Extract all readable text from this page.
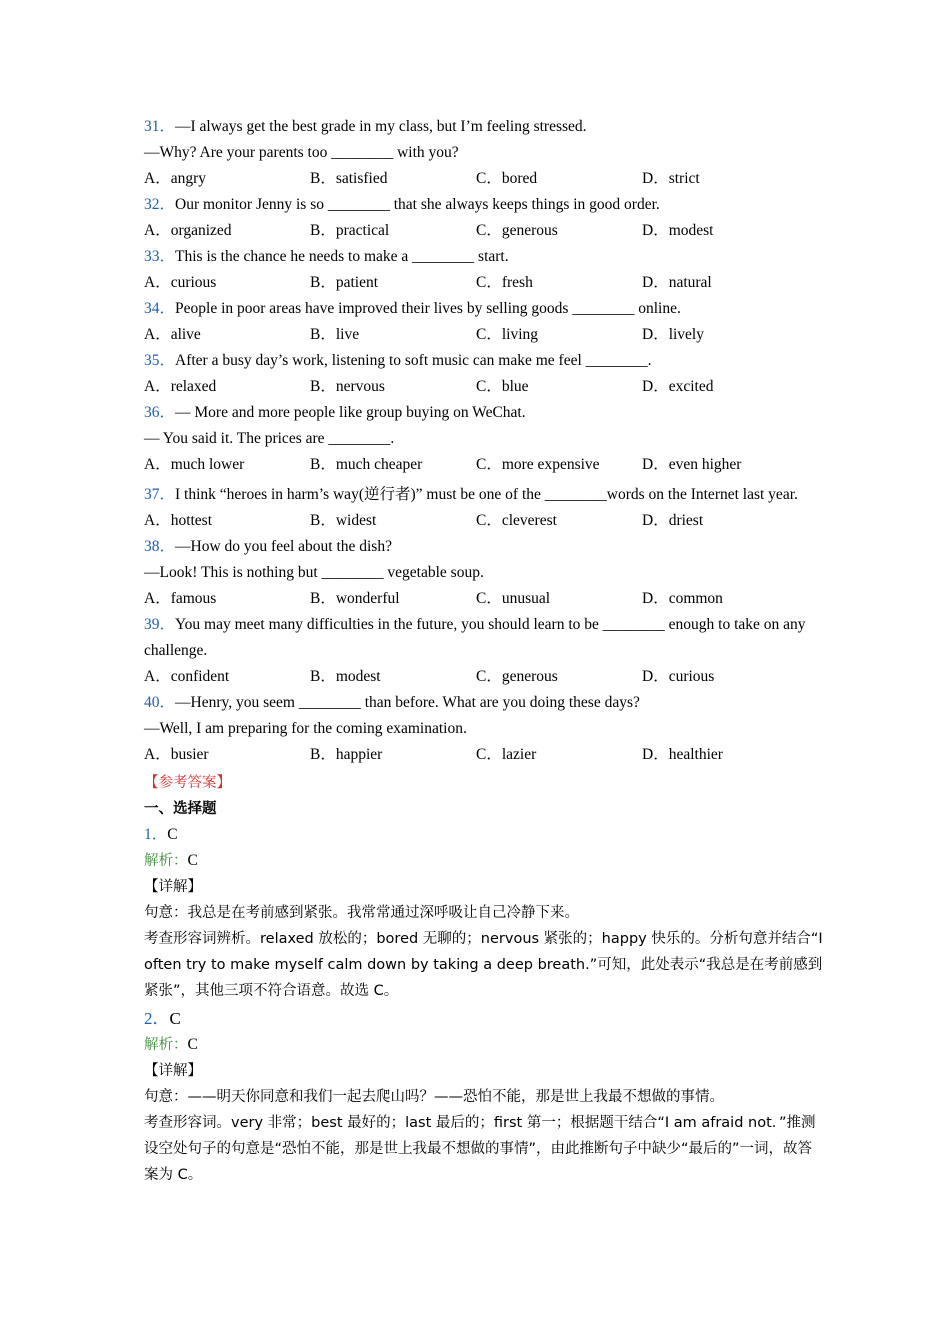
31．—I always get the best grade in my class, but I’m feeling stressed.
—Why? Are your parents too ________ with you?
A．angry	B．satisfied	C．bored	D．strict
32．Our monitor Jenny is so ________ that she always keeps things in good order.
A．organized	B．practical	C．generous	D．modest
33．This is the chance he needs to make a ________ start.
A．curious	B．patient	C．fresh	D．natural
34．People in poor areas have improved their lives by selling goods ________ online.
A．alive	B．live	C．living	D．lively
35．After a busy day’s work, listening to soft music can make me feel ________.
A．relaxed	B．nervous	C．blue	D．excited
36．— More and more people like group buying on WeChat.
— You said it. The prices are ________.
A．much lower	B．much cheaper	C．more expensive	D．even higher
37．I think “heroes in harm’s way(逆行者)” must be one of the ________words on the Internet last year.
A．hottest	B．widest	C．cleverest	D．driest
38．—How do you feel about the dish?
—Look! This is nothing but ________ vegetable soup.
A．famous	B．wonderful	C．unusual	D．common
39．You may meet many difficulties in the future, you should learn to be ________ enough to take on any challenge.
A．confident	B．modest	C．generous	D．curious
40．—Henry, you seem ________ than before. What are you doing these days?
—Well, I am preparing for the coming examination.
A．busier	B．happier	C．lazier	D．healthier
【参考答案】
一、选择题
1．C
解析：C
【详解】
句意：我总是在考前感到紧张。我常常通过深呼吸让自己冷静下来。
考查形容词辨析。relaxed 放松的；bored 无聊的；nervous 紧张的；happy 快乐的。分析句意并结合“I often try to make myself calm down by taking a deep breath.”可知，此处表示“我总是在考前感到紧张”，其他三项不符合语意。故选 C。
2．C
解析：C
【详解】
句意：——明天你同意和我们一起去爬山吗？——恐怕不能，那是世上我最不想做的事情。
考查形容词。very 非常；best 最好的；last 最后的；first 第一；根据题干结合“I am afraid not．”推测设空处句子的句意是“恐怕不能，那是世上我最不想做的事情”，由此推断句子中缺少“最后的”一词，故答案为 C。
